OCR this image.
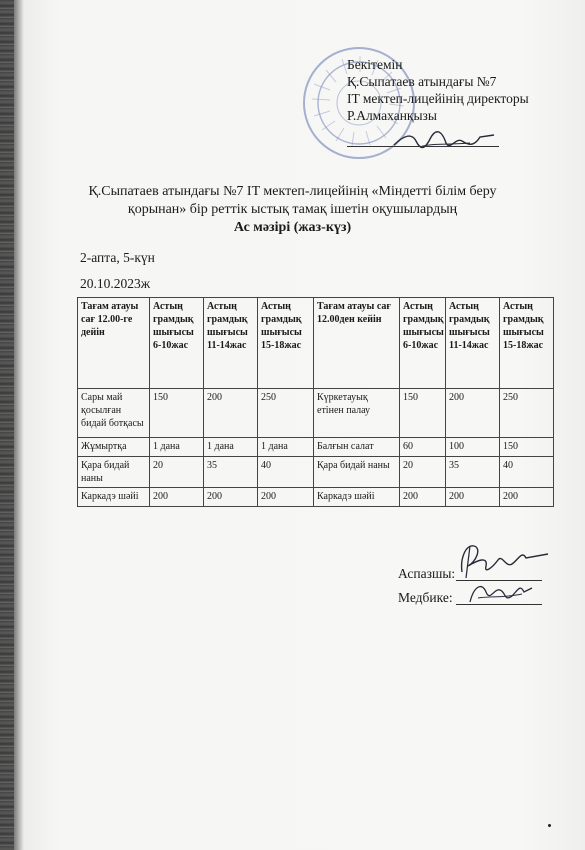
Бекітемін
Қ.Сыпатаев атындағы №7
IT мектеп-лицейінің директоры
Р.Алмаханқызы
Қ.Сыпатаев атындағы №7 IT мектеп-лицейінің «Міндетті білім беру
қорынан» бір реттік ыстық тамақ ішетін оқушылардың
Ас мәзірі (жаз-күз)
2-апта, 5-күн
20.10.2023ж
Тағам атауы сағ 12.00-ге дейін	Астың грамдық шығысы 6-10жас	Астың грамдық шығысы 11-14жас	Астың грамдық шығысы 15-18жас	Тағам атауы сағ 12.00ден кейін	Астың грамдық шығысы 6-10жас	Астың грамдық шығысы 11-14жас	Астың грамдық шығысы 15-18жас
Сары май қосылған бидай ботқасы	150	200	250	Күркетауық етінен палау	150	200	250
Жұмыртқа	1 дана	1 дана	1 дана	Балғын салат	60	100	150
Қара бидай наны	20	35	40	Қара бидай наны	20	35	40
Каркадэ шәйі	200	200	200	Каркадэ шәйі	200	200	200
Аспазшы:
Медбике:
